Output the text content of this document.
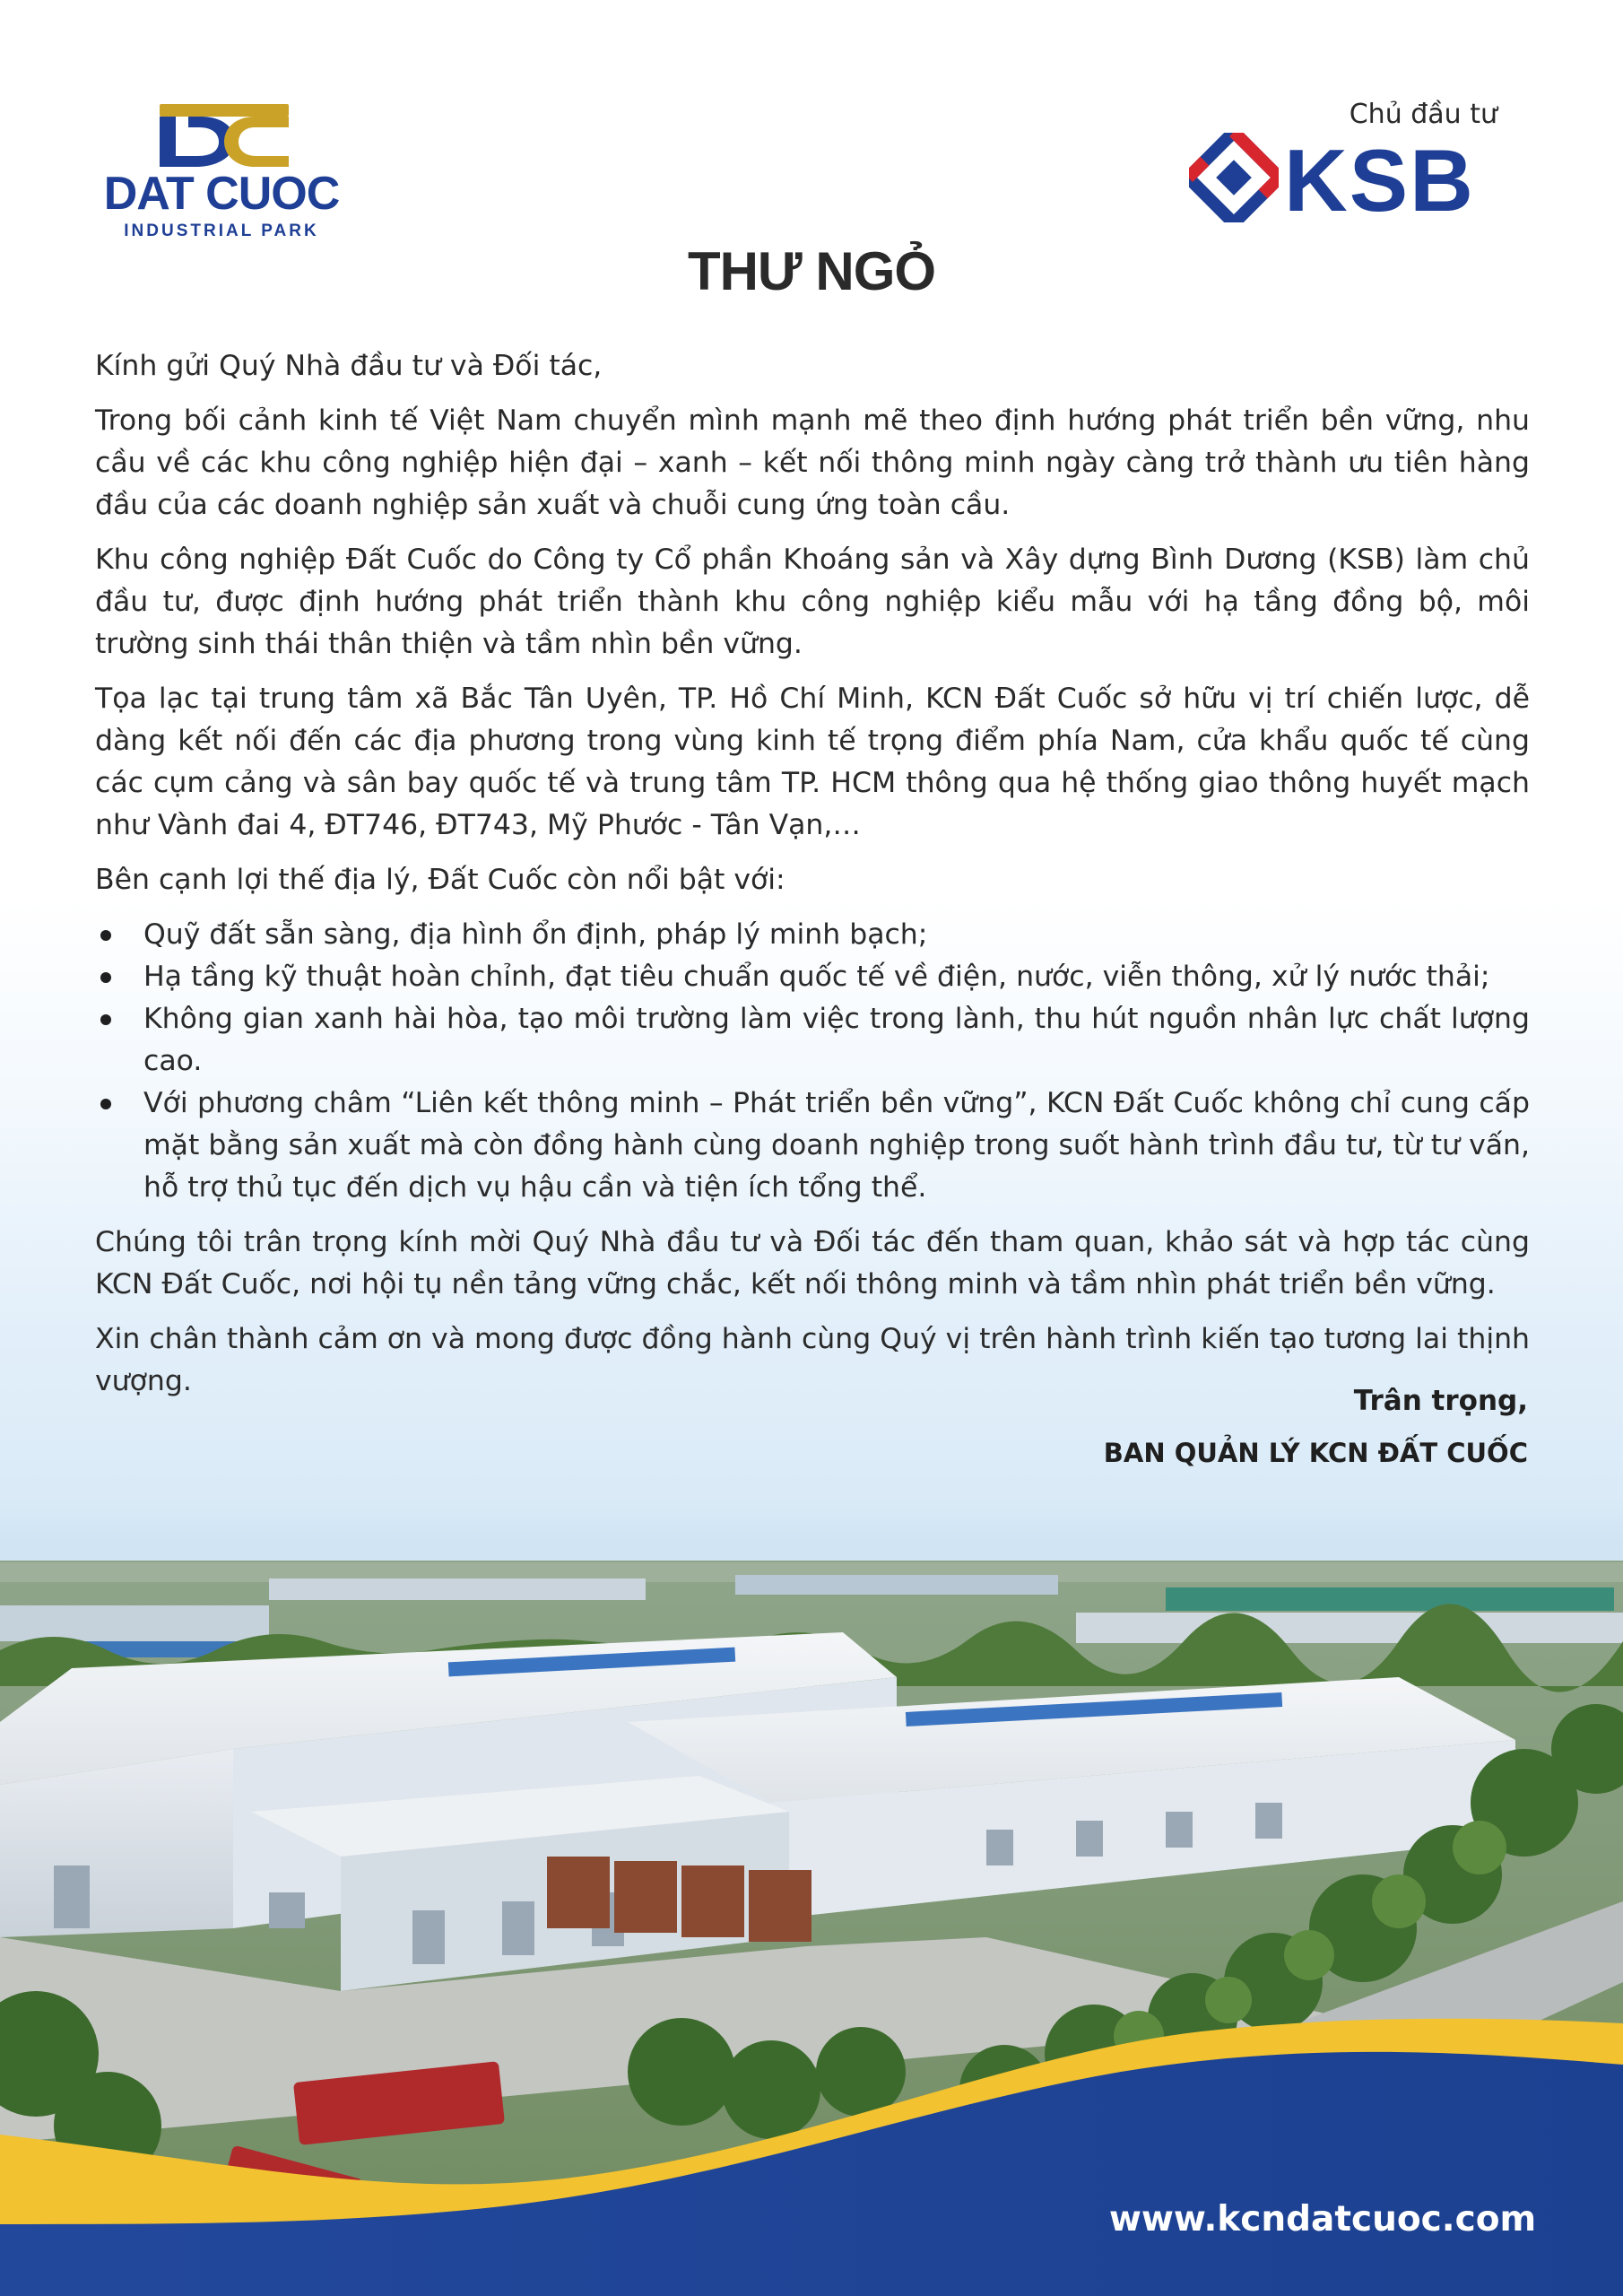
DAT CUOC
INDUSTRIAL PARK
Chủ đầu tư
KSB
THƯ NGỎ

Kính gửi Quý Nhà đầu tư và Đối tác,

Trong bối cảnh kinh tế Việt Nam chuyển mình mạnh mẽ theo định hướng phát triển bền vững, nhu cầu về các khu công nghiệp hiện đại – xanh – kết nối thông minh ngày càng trở thành ưu tiên hàng đầu của các doanh nghiệp sản xuất và chuỗi cung ứng toàn cầu.

Khu công nghiệp Đất Cuốc do Công ty Cổ phần Khoáng sản và Xây dựng Bình Dương (KSB) làm chủ đầu tư, được định hướng phát triển thành khu công nghiệp kiểu mẫu với hạ tầng đồng bộ, môi trường sinh thái thân thiện và tầm nhìn bền vững.

Tọa lạc tại trung tâm xã Bắc Tân Uyên, TP. Hồ Chí Minh, KCN Đất Cuốc sở hữu vị trí chiến lược, dễ dàng kết nối đến các địa phương trong vùng kinh tế trọng điểm phía Nam, cửa khẩu quốc tế cùng các cụm cảng và sân bay quốc tế và trung tâm TP. HCM thông qua hệ thống giao thông huyết mạch như Vành đai 4, ĐT746, ĐT743, Mỹ Phước - Tân Vạn,…

Bên cạnh lợi thế địa lý, Đất Cuốc còn nổi bật với:

Quỹ đất sẵn sàng, địa hình ổn định, pháp lý minh bạch;
Hạ tầng kỹ thuật hoàn chỉnh, đạt tiêu chuẩn quốc tế về điện, nước, viễn thông, xử lý nước thải;
Không gian xanh hài hòa, tạo môi trường làm việc trong lành, thu hút nguồn nhân lực chất lượng cao.
Với phương châm “Liên kết thông minh – Phát triển bền vững”, KCN Đất Cuốc không chỉ cung cấp mặt bằng sản xuất mà còn đồng hành cùng doanh nghiệp trong suốt hành trình đầu tư, từ tư vấn, hỗ trợ thủ tục đến dịch vụ hậu cần và tiện ích tổng thể.

Chúng tôi trân trọng kính mời Quý Nhà đầu tư và Đối tác đến tham quan, khảo sát và hợp tác cùng KCN Đất Cuốc, nơi hội tụ nền tảng vững chắc, kết nối thông minh và tầm nhìn phát triển bền vững.

Xin chân thành cảm ơn và mong được đồng hành cùng Quý vị trên hành trình kiến tạo tương lai thịnh vượng.

Trân trọng,
BAN QUẢN LÝ KCN ĐẤT CUỐC
www.kcndatcuoc.com
